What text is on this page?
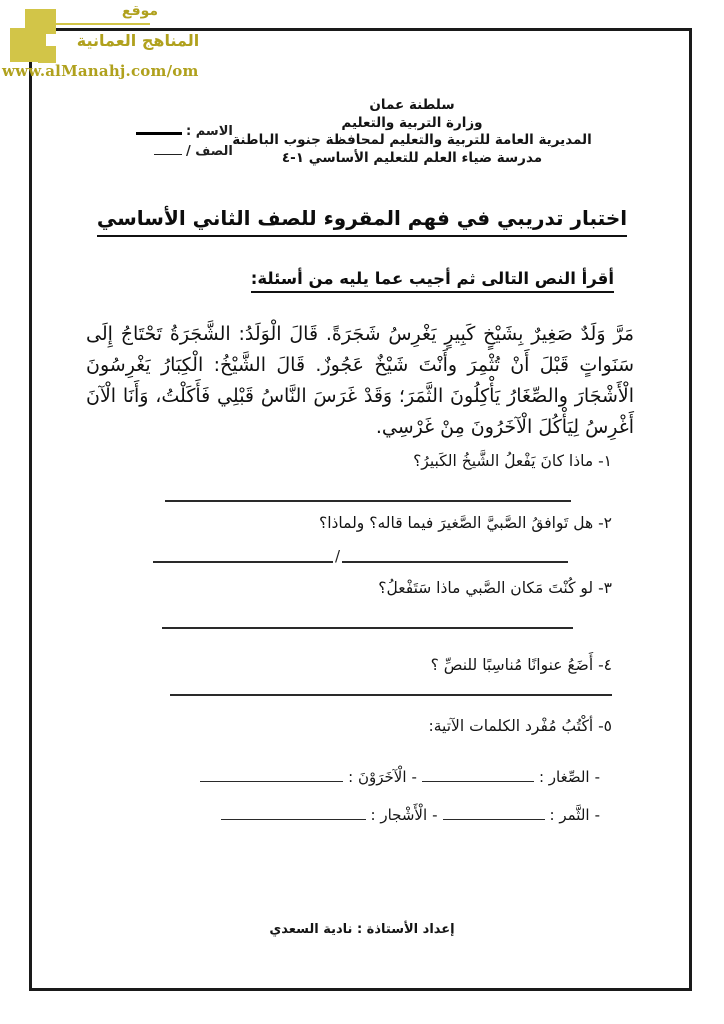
موقع
المناهج العمانية
www.alManahj.com/om
سلطنة عمان
وزارة التربية والتعليم
المديرية العامة للتربية والتعليم لمحافظة جنوب الباطنة
مدرسة ضياء العلم للتعليم الأساسي ١-٤
الاسم :
الصف /
اختبار تدريبي في فهم المقروء للصف الثاني الأساسي
أقرأ النص التالى ثم أجيب عما يليه من أسئلة:
مَرَّ وَلَدٌ صَغِيرٌ بِشَيْخٍ كَبِيرٍ يَغْرِسُ شَجَرَةً. قَالَ الْوَلَدُ: الشَّجَرَةُ تَحْتَاجُ إِلَى سَنَواتٍ قَبْلَ أَنْ تُثْمِرَ وأَنْتَ شَيْخٌ عَجُوزٌ. قَالَ الشَّيْخُ: الْكِبَارُ يَغْرِسُونَ الْأَشْجَارَ والصِّغَارُ يَأْكِلُونَ الثَّمَرَ؛ وَقَدْ غَرَسَ النَّاسُ قَبْلِي فَأَكَلْتُ، وَأَنَا الْآنَ أَغْرِسُ لِيَأْكُلَ الْآخَرُونَ مِنْ غَرْسِي.
١- ماذا كانَ يَفْعلُ الشَّيخُ الكَبيرُ؟
٢- هل تَوافقُ الصَّبيَّ الصَّغيرَ فيما قاله؟ ولماذا؟
/
٣- لو كُنْتَ مَكان الصَّبي ماذا سَتَفْعلُ؟
٤- أَضَعُ عنوانًا مُناسِبًا للنصِّ ؟
٥- أكْتُبُ مُفْرد الكلمات الآتية:
-
الصِّغار :
-
الْآخَرَوْنَ :
-
الثَّمر :
-
الْأَشْجار :
إعداد الأستاذة : نادية السعدي
